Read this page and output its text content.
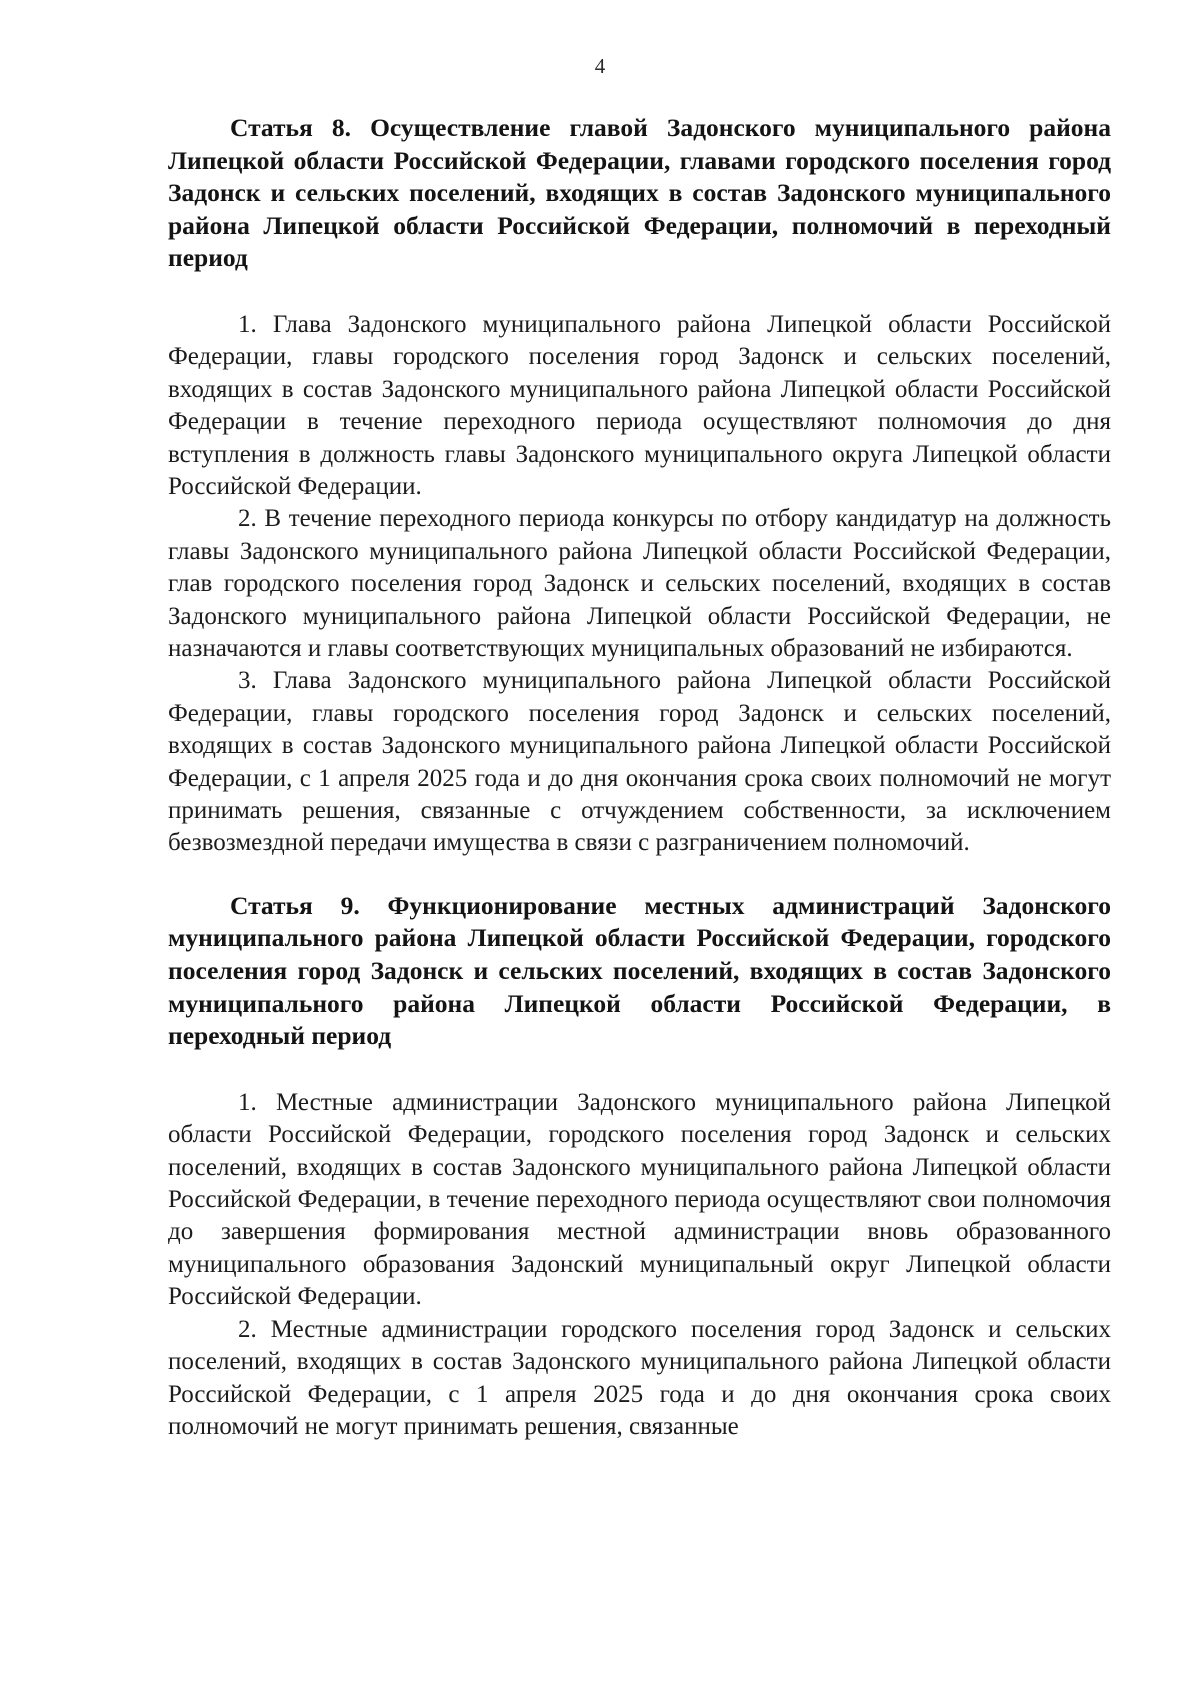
4

Статья 8. Осуществление главой Задонского муниципального района Липецкой области Российской Федерации, главами городского поселения город Задонск и сельских поселений, входящих в состав Задонского муниципального района Липецкой области Российской Федерации, полномочий в переходный период

1. Глава Задонского муниципального района Липецкой области Российской Федерации, главы городского поселения город Задонск и сельских поселений, входящих в состав Задонского муниципального района Липецкой области Российской Федерации в течение переходного периода осуществляют полномочия до дня вступления в должность главы Задонского муниципального округа Липецкой области Российской Федерации.

2. В течение переходного периода конкурсы по отбору кандидатур на должность главы Задонского муниципального района Липецкой области Российской Федерации, глав городского поселения город Задонск и сельских поселений, входящих в состав Задонского муниципального района Липецкой области Российской Федерации, не назначаются и главы соответствующих муниципальных образований не избираются.

3. Глава Задонского муниципального района Липецкой области Российской Федерации, главы городского поселения город Задонск и сельских поселений, входящих в состав Задонского муниципального района Липецкой области Российской Федерации, с 1 апреля 2025 года и до дня окончания срока своих полномочий не могут принимать решения, связанные с отчуждением собственности, за исключением безвозмездной передачи имущества в связи с разграничением полномочий.

Статья 9. Функционирование местных администраций Задонского муниципального района Липецкой области Российской Федерации, городского поселения город Задонск и сельских поселений, входящих в состав Задонского муниципального района Липецкой области Российской Федерации, в переходный период

1. Местные администрации Задонского муниципального района Липецкой области Российской Федерации, городского поселения город Задонск и сельских поселений, входящих в состав Задонского муниципального района Липецкой области Российской Федерации, в течение переходного периода осуществляют свои полномочия до завершения формирования местной администрации вновь образованного муниципального образования Задонский муниципальный округ Липецкой области Российской Федерации.

2. Местные администрации городского поселения город Задонск и сельских поселений, входящих в состав Задонского муниципального района Липецкой области Российской Федерации, с 1 апреля 2025 года и до дня окончания срока своих полномочий не могут принимать решения, связанные
